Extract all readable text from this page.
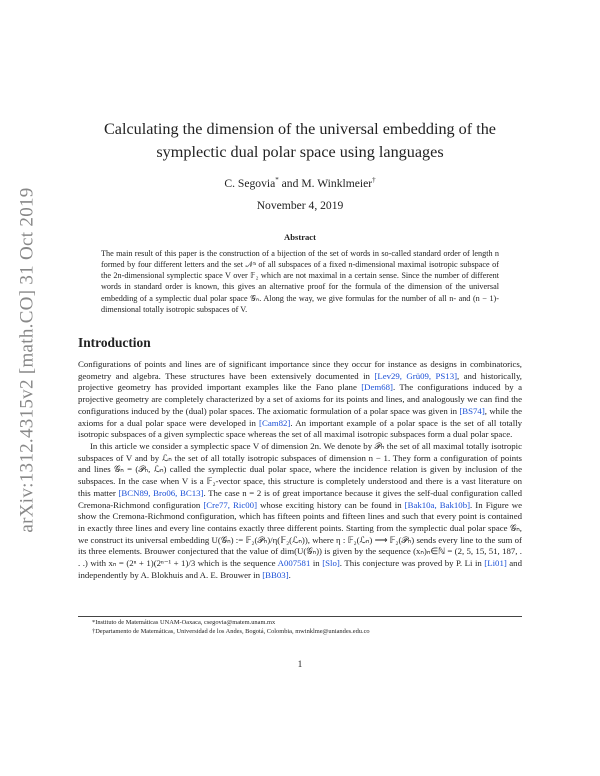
arXiv:1312.4315v2 [math.CO] 31 Oct 2019
Calculating the dimension of the universal embedding of the symplectic dual polar space using languages
C. Segovia* and M. Winklmeier†
November 4, 2019
Abstract
The main result of this paper is the construction of a bijection of the set of words in so-called standard order of length n formed by four different letters and the set 𝒩ⁿ of all subspaces of a fixed n-dimensional maximal isotropic subspace of the 2n-dimensional symplectic space V over 𝔽₂ which are not maximal in a certain sense. Since the number of different words in standard order is known, this gives an alternative proof for the formula of the dimension of the universal embedding of a symplectic dual polar space 𝒢ₙ. Along the way, we give formulas for the number of all n- and (n − 1)-dimensional totally isotropic subspaces of V.
Introduction

Configurations of points and lines are of significant importance since they occur for instance as designs in combinatorics, geometry and algebra. These structures have been extensively documented in [Lev29, Grü09, PS13], and historically, projective geometry has provided important examples like the Fano plane [Dem68]. The configurations induced by a projective geometry are completely characterized by a set of axioms for its points and lines, and analogously we can find the configurations induced by the (dual) polar spaces. The axiomatic formulation of a polar space was given in [BS74], while the axioms for a dual polar space were developed in [Cam82]. An important example of a polar space is the set of all totally isotropic subspaces of a given symplectic space whereas the set of all maximal isotropic subspaces form a dual polar space.

In this article we consider a symplectic space V of dimension 2n. We denote by 𝒫ₙ the set of all maximal totally isotropic subspaces of V and by ℒₙ the set of all totally isotropic subspaces of dimension n − 1. They form a configuration of points and lines 𝒢ₙ = (𝒫ₙ, ℒₙ) called the symplectic dual polar space, where the incidence relation is given by inclusion of the subspaces. In the case when V is a 𝔽₂-vector space, this structure is completely understood and there is a vast literature on this matter [BCN89, Bro06, BC13]. The case n = 2 is of great importance because it gives the self-dual configuration called Cremona-Richmond configuration [Cre77, Ric00] whose exciting history can be found in [Bak10a, Bak10b]. In Figure we show the Cremona-Richmond configuration, which has fifteen points and fifteen lines and such that every point is contained in exactly three lines and every line contains exactly three different points. Starting from the symplectic dual polar space 𝒢ₙ, we construct its universal embedding U(𝒢ₙ) := 𝔽₂(𝒫ₙ)/η(𝔽₂(ℒₙ)), where η : 𝔽₂(ℒₙ) ⟶ 𝔽₂(𝒫ₙ) sends every line to the sum of its three elements. Brouwer conjectured that the value of dim(U(𝒢ₙ)) is given by the sequence (xₙ)ₙ∈ℕ = (2, 5, 15, 51, 187, . . .) with xₙ = (2ⁿ + 1)(2ⁿ⁻¹ + 1)/3 which is the sequence A007581 in [Slo]. This conjecture was proved by P. Li in [Li01] and independently by A. Blokhuis and A. E. Brouwer in [BB03].

*Instituto de Matemáticas UNAM-Oaxaca, csegovia@matem.unam.mx
†Departamento de Matemáticas, Universidad de los Andes, Bogotá, Colombia, mwinklme@uniandes.edu.co
1
